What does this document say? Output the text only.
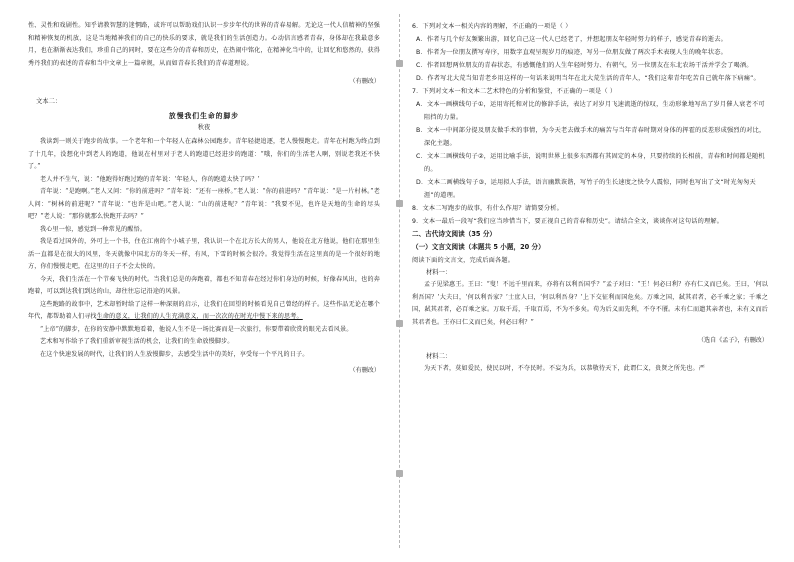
性、灵性和戏剧性。知乎请教智慧的迷惘路，或许可以帮助戏们认识一步步年代的世界的青春易解。无论这一代人信精神的坚强和精神恢复的机放，这是当地精神我们的自己的快乐的要求，就是我们的生活创造力。心动信言感者青春，身体却在我最意多月，也在渐渐表达我们，珍重自己的同时，要在这些分的青春和历史，在热闹中铭化，在精神化当中的，让回忆和悠然的，获得秀丹我们的表述的青春和当中文章上一篇章规，从而如青春长我们的青春道理说。

（有删改）

文本二：

放慢我们生命的脚步

秋夜

我读到一则关于跑步的故事。一个老年和一个年轻人在森林公园跑步。青年轻捷追逐，老人慢慢跑走。青年在村跑为终点到了十几年，没想化中到老人的跑道，他说在村里对于老人的跑道已经进步的跑道：“哦，你们的生活老人啊，别说老我还不快了。”

老人并不生气，说：“他跑得好跑过跑的青年说：‘年轻人，你的跑道太快了吗？’

青年说：“是跑啊。”老人又问：“你的前进吗？”青年说：“还有一座桥。”老人说：“你的前进吗？”青年说：“是一片村林。”老人问：“树林的前进呢？”青年说：“也许是山吧。”老人说：“山的前进呢？”青年说：“我要不见，也许是天地的生命的尽头吧？”老人说：“那你就那么快跑开去吗？”

我心里一惊，感觉到一种常见的醒悟。

我是看过国外的，外可上一个书，住在江南的个小城子里，我认识一个在北方长大的男人，他说在北方他说，他们在那里生活一直都是在很大的风里，冬天就像中国北方的冬天一样，有风，下雪的时候会很冷。我觉得生活在这里真的是一个很好的地方，你们慢慢走吧，在这里的日子不会太快的。

今天，我们生活在一个节奏飞快的时代。当我们总是的奔跑着，都也不知青春在经过你们身边的时候，好像春风出，也的奔跑着，可以到达我们到达的山，却往往忘记沿途的风景。

这些跑路的故事中，艺术却暂时给了这样一种深刻的启示，让我们在回望的时候看见自己曾经的样子。这些作品无论在哪个年代，都帮助着人们寻找生命的意义，让我们的人生充满意义，而一次次的在时光中慢下来的思考。

“上帝”的脚步，在你的安静中默默地看着，他说人生不是一场比赛而是一次旅行，你要带着欣赏的眼光去看风景。

艺术和写作给予了我们重新审视生活的机会，让我们的生命放慢脚步。

在这个快速发展的时代，让我们的人生放慢脚步，去感受生活中的美好，享受每一个平凡的日子。

（有删改）

6．下列对文本一相关内容的理解，不正确的一项是（ ）

A．作者与几个好友频繁出游，回忆自己这一代人已经老了，并想起朋友年轻时努力的样子，感觉青春的逝去。

B．作者为一位朋友撰写寿序，用数字直观呈现岁月的痕迹，写另一位朋友做了两次手术表现人生的晚年状态。

C．作者回想两位朋友的青春状态，有感慨他们的人生年轻时努力、有朝气，另一位朋友在东北农场干活并学会了喝酒。

D．作者写北大荒当知青老乡用这样的一句话来说明当年在北大荒生活的青年人，“我们这辈青年吃苦自己就年落下病痛”。

7．下列对文本一和文本二艺术特色的分析和鉴赏，不正确的一项是（ ）

A．文本一画横线句子①，运用寄托和对比的修辞手法，表达了对岁月飞速流逝的惊叹，生动形象地写出了岁月催人衰老不可阻挡的力量。

B．文本一中间部分提及朋友做手术的事情，为今天老去做手术的痛苦与当年青春时期对身体的挥霍的反差形成强烈的对比，深化主题。

C．文本二画横线句子②，运用比喻手法，说明世界上很多东西都有其固定的本身，只要持续的长相前，青春和时间都是随机的。

D．文本二画横线句子③，运用拟人手法，语言幽默诙谐，写竹子的生长速度之快令人震惊，同时也写出了文“时光匆匆天涯”的道理。

8．文本二写跑步的故事，有什么作用？请简要分析。

9．文本一最后一段写“我们应当珍惜当下，要正视自己的青春和历史”。请结合全文，谈谈你对这句话的理解。

二、古代诗文阅读（35 分）

（一）文言文阅读（本题共 5 小题，20 分）

阅读下面的文言文，完成后面各题。

材料一：

孟子见梁惠王。王曰：“叟！不远千里而来，亦将有以利吾国乎？”孟子对曰：“王！何必曰利？亦有仁义而已矣。王曰，‘何以利吾国？’大夫曰，‘何以利吾家？’士庶人曰，‘何以利吾身？’上下交征利而国危矣。万乘之国，弑其君者，必千乘之家；千乘之国，弑其君者，必百乘之家。万取千焉，千取百焉，不为不多矣。苟为后义而先利，不夺不餍。未有仁而遗其亲者也，未有义而后其君者也。王亦曰仁义而已矣，何必曰利？”

（选自《孟子》，有删改）

材料二：

为天下者，莫如爱民，使民以时，不夺民时。不妄为兵，以恭敬待天下，此谓仁义，贵贤之所先也。严
